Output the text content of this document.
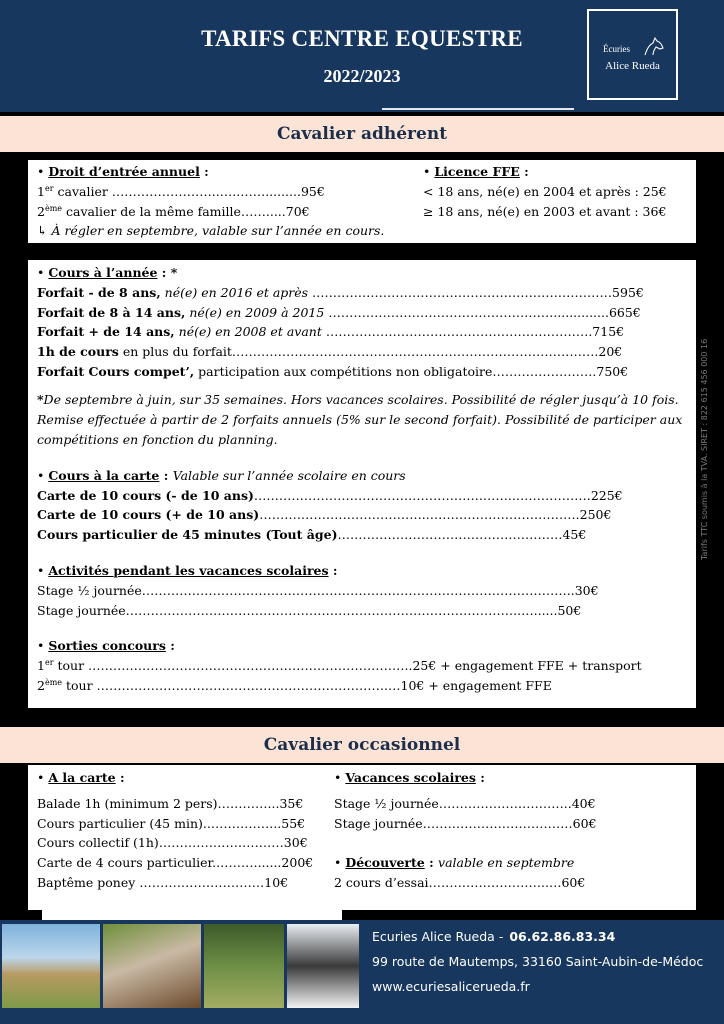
TARIFS CENTRE EQUESTRE
2022/2023
Écuries
Alice Rueda
Cavalier adhérent
• Droit d’entrée annuel :
1er cavalier ……………………..…..…….........95€
2ème cavalier de la même famille…….....70€
↳ À régler en septembre, valable sur l’année en cours.
• Licence FFE :
< 18 ans, né(e) en 2004 et après : 25€
≥ 18 ans, né(e) en 2003 et avant : 36€
• Cours à l’année : *
Forfait - de 8 ans, né(e) en 2016 et après ………………………………………………………………595€
Forfait de 8 à 14 ans, né(e) en 2009 à 2015 ………………………………………………..............665€
Forfait + de 14 ans, né(e) en 2008 et avant ……………………………………………………….715€
1h de cours en plus du forfait…………………………………………………………………………….20€
Forfait Cours compet’, participation aux compétitions non obligatoire…………………….750€
*De septembre à juin, sur 35 semaines. Hors vacances scolaires. Possibilité de régler jusqu’à 10 fois. Remise effectuée à partir de 2 forfaits annuels (5% sur le second forfait). Possibilité de participer aux compétitions en fonction du planning.
• Cours à la carte : Valable sur l’année scolaire en cours
Carte de 10 cours (- de 10 ans)……………………………………………….……..………………225€
Carte de 10 cours (+ de 10 ans)………………………………….……………………………….250€
Cours particulier de 45 minutes (Tout âge)………………………………………………45€
• Activités pendant les vacances scolaires :
Stage ½ journée…………………………………………………………………………………………..30€
Stage journée…………………………………………………………………………………..…......50€
• Sorties concours :
1er tour ……….…………………………………………………………..25€ + engagement FFE + transport
2ème tour …………………………………………………………….…10€ + engagement FFE
Tarifs TTC soumis à la TVA. SIRET : 822 615 456 000 16
Cavalier occasionnel
• A la carte :
Balade 1h (minimum 2 pers)…………...35€
Cours particulier (45 min)..……………..55€
Cours collectif (1h)…………………………30€
Carte de 4 cours particulier..………......200€
Baptême poney …………………………10€
• Vacances scolaires :
Stage ½ journée…………………………..40€
Stage journée………………………………60€
• Découverte : valable en septembre
2 cours d’essai………………………..…60€
Ecuries Alice Rueda - 06.62.86.83.34
99 route de Mautemps, 33160 Saint-Aubin-de-Médoc
www.ecuriesalicerueda.fr
